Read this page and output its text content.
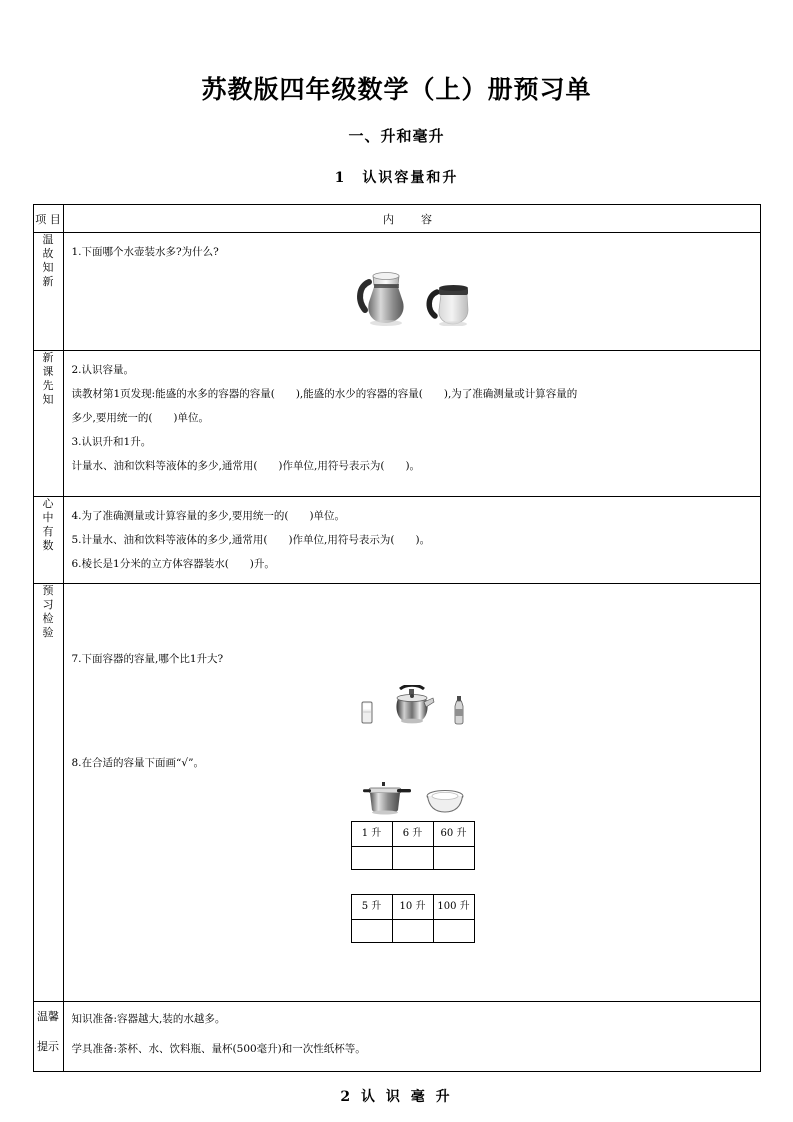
苏教版四年级数学（上）册预习单
一、升和毫升
1　认识容量和升
项 目	内　容

温
故
知
新

1.下面哪个水壶装水多?为什么?

新
课
先
知

2.认识容量。
读教材第1页发现:能盛的水多的容器的容量(　　),能盛的水少的容器的容量(　　),为了准确测量或计算容量的
多少,要用统一的(　　)单位。
3.认识升和1升。
计量水、油和饮料等液体的多少,通常用(　　)作单位,用符号表示为(　　)。

心
中
有
数

4.为了准确测量或计算容量的多少,要用统一的(　　)单位。
5.计量水、油和饮料等液体的多少,通常用(　　)作单位,用符号表示为(　　)。
6.棱长是1分米的立方体容器装水(　　)升。

预
习
检
验

7.下面容器的容量,哪个比1升大?
8.在合适的容量下面画“√”。
1 升	6 升	60 升

5 升	10 升	100 升

温馨
提示

知识准备:容器越大,装的水越多。
学具准备:茶杯、水、饮料瓶、量杯(500毫升)和一次性纸杯等。
2 认 识 毫 升
